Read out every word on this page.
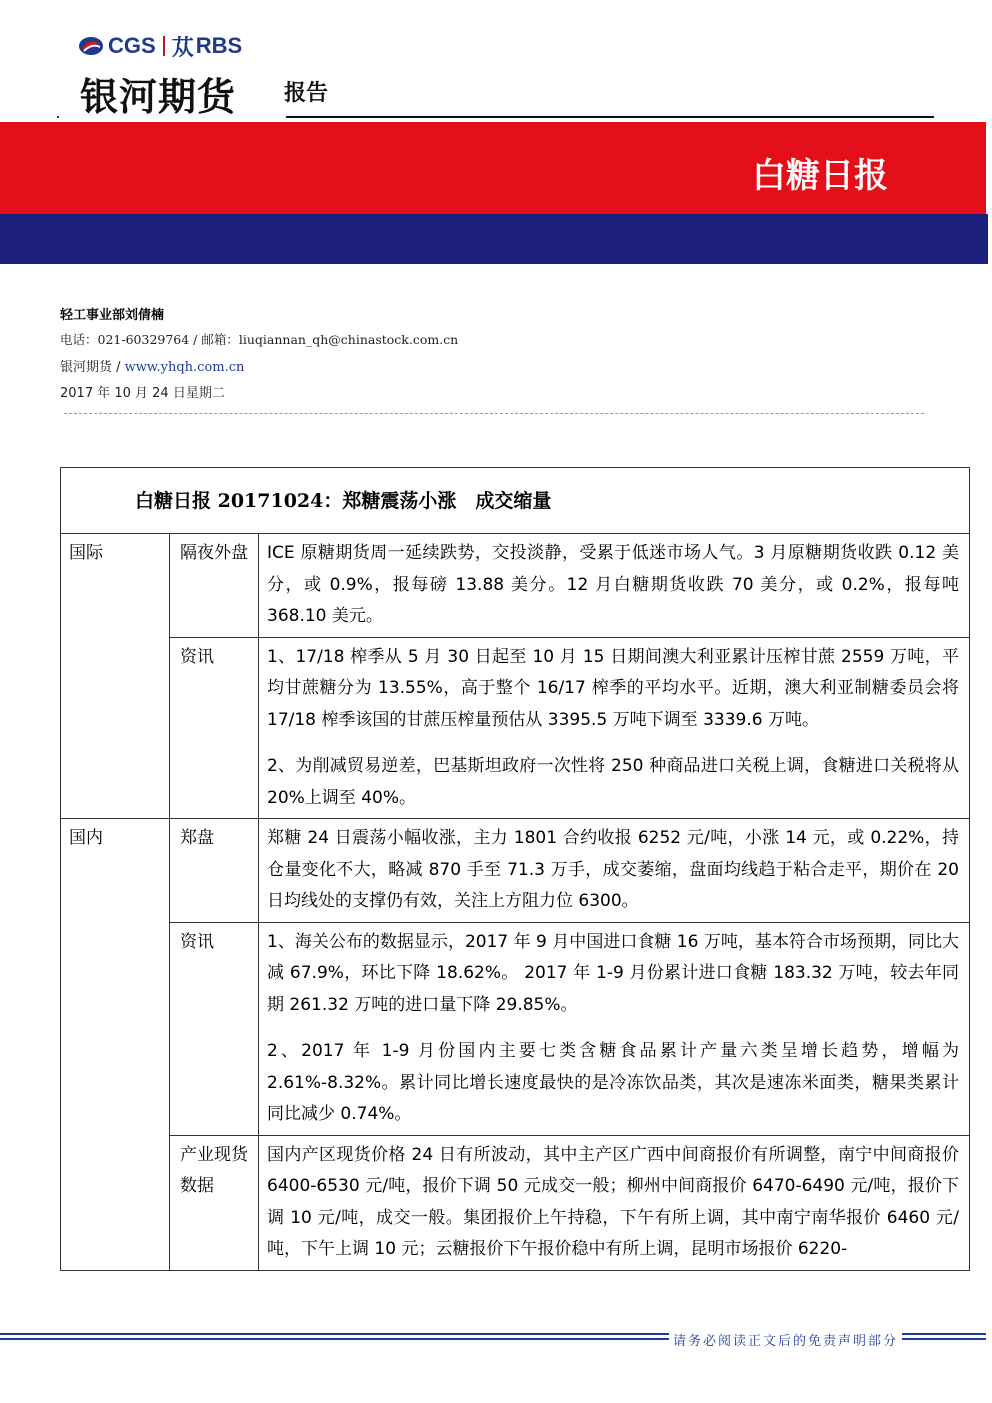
CGS 苁 RBS
银河期货 报告
白糖日报
轻工事业部刘倩楠
电话：021-60329764 / 邮箱：liuqiannan_qh@chinastock.com.cn
银河期货 / www.yhqh.com.cn
2017 年 10 月 24 日星期二
白糖日报 20171024：郑糖震荡小涨　成交缩量		
国际	隔夜外盘	ICE 原糖期货周一延续跌势，交投淡静，受累于低迷市场人气。3 月原糖期货收跌 0.12 美分，或 0.9%，报每磅 13.88 美分。12 月白糖期货收跌 70 美分，或 0.2%，报每吨 368.10 美元。

	资讯	1、17/18 榨季从 5 月 30 日起至 10 月 15 日期间澳大利亚累计压榨甘蔗 2559 万吨，平均甘蔗糖分为 13.55%，高于整个 16/17 榨季的平均水平。近期，澳大利亚制糖委员会将 17/18 榨季该国的甘蔗压榨量预估从 3395.5 万吨下调至 3339.6 万吨。

2、为削减贸易逆差，巴基斯坦政府一次性将 250 种商品进口关税上调，食糖进口关税将从 20%上调至 40%。

国内	郑盘	郑糖 24 日震荡小幅收涨，主力 1801 合约收报 6252 元/吨，小涨 14 元，或 0.22%，持仓量变化不大，略减 870 手至 71.3 万手，成交萎缩，盘面均线趋于粘合走平，期价在 20 日均线处的支撑仍有效，关注上方阻力位 6300。

	资讯	1、海关公布的数据显示，2017 年 9 月中国进口食糖 16 万吨，基本符合市场预期，同比大减 67.9%，环比下降 18.62%。 2017 年 1-9 月份累计进口食糖 183.32 万吨，较去年同期 261.32 万吨的进口量下降 29.85%。

2、2017 年 1-9 月份国内主要七类含糖食品累计产量六类呈增长趋势，增幅为 2.61%-8.32%。累计同比增长速度最快的是冷冻饮品类，其次是速冻米面类，糖果类累计同比减少 0.74%。

	产业现货数据	国内产区现货价格 24 日有所波动，其中主产区广西中间商报价有所调整，南宁中间商报价 6400-6530 元/吨，报价下调 50 元成交一般；柳州中间商报价 6470-6490 元/吨，报价下调 10 元/吨，成交一般。集团报价上午持稳，下午有所上调，其中南宁南华报价 6460 元/吨，下午上调 10 元；云糖报价下午报价稳中有所上调，昆明市场报价 6220-

请务必阅读正文后的免责声明部分
